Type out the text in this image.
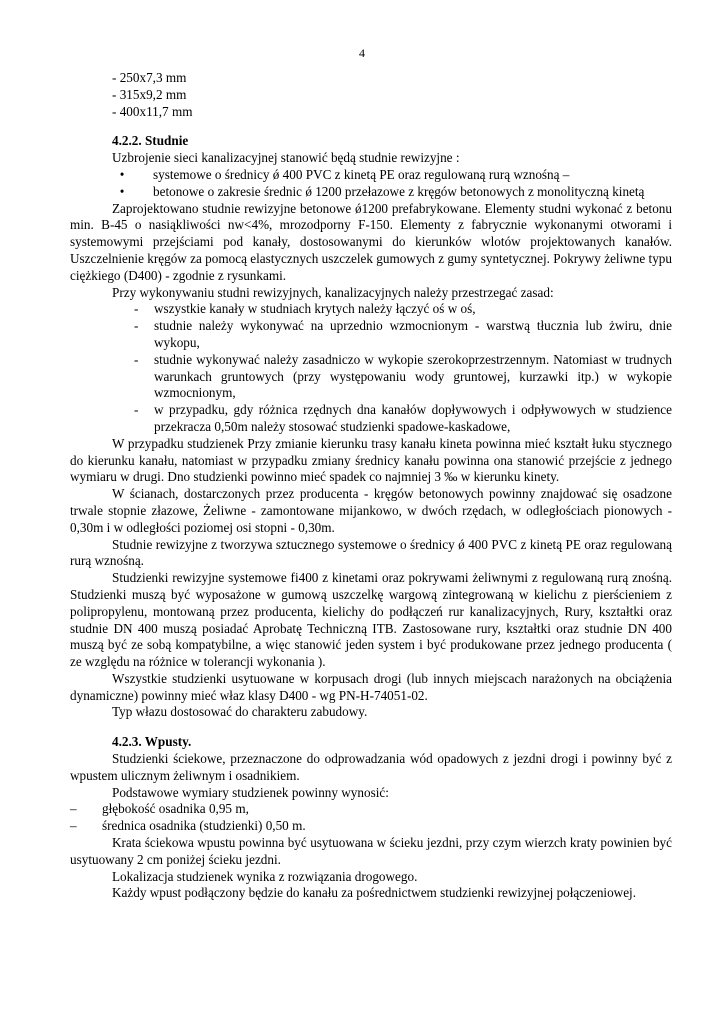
4
- 250x7,3 mm
- 315x9,2 mm
- 400x11,7 mm
4.2.2. Studnie

Uzbrojenie sieci kanalizacyjnej stanowić będą studnie rewizyjne :

•	systemowe o średnicy ǿ 400 PVC z kinetą PE oraz regulowaną rurą wznośną –
•	betonowe o zakresie średnic ǿ 1200 przełazowe z kręgów betonowych z monolityczną kinetą

Zaprojektowano studnie rewizyjne betonowe ǿ1200 prefabrykowane. Elementy studni wykonać z betonu min. B-45 o nasiąkliwości nw<4%, mrozodporny F-150. Elementy z fabrycznie wykonanymi otworami i systemowymi przejściami pod kanały, dostosowanymi do kierunków wlotów projektowanych kanałów. Uszczelnienie kręgów za pomocą elastycznych uszczelek gumowych z gumy syntetycznej. Pokrywy żeliwne typu ciężkiego (D400) - zgodnie z rysunkami.

Przy wykonywaniu studni rewizyjnych, kanalizacyjnych należy przestrzegać zasad:

- wszystkie kanały w studniach krytych należy łączyć oś w oś,
- studnie należy wykonywać na uprzednio wzmocnionym - warstwą tłucznia lub żwiru, dnie wykopu,
- studnie wykonywać należy zasadniczo w wykopie szerokoprzestrzennym. Natomiast w trudnych warunkach gruntowych (przy występowaniu wody gruntowej, kurzawki itp.) w wykopie wzmocnionym,
- w przypadku, gdy różnica rzędnych dna kanałów dopływowych i odpływowych w studzience przekracza 0,50m należy stosować studzienki spadowe-kaskadowe,

W przypadku studzienek Przy zmianie kierunku trasy kanału kineta powinna mieć kształt łuku stycznego do kierunku kanału, natomiast w przypadku zmiany średnicy kanału powinna ona stanowić przejście z jednego wymiaru w drugi. Dno studzienki powinno mieć spadek co najmniej 3 ‰ w kierunku kinety.

W ścianach, dostarczonych przez producenta - kręgów betonowych powinny znajdować się osadzone trwale stopnie złazowe, Żeliwne - zamontowane mijankowo, w dwóch rzędach, w odległościach pionowych - 0,30m i w odległości poziomej osi stopni - 0,30m.

Studnie rewizyjne z tworzywa sztucznego systemowe o średnicy ǿ 400 PVC z kinetą PE oraz regulowaną rurą wznośną.

Studzienki rewizyjne systemowe fi400 z kinetami oraz pokrywami żeliwnymi z regulowaną rurą znośną. Studzienki muszą być wyposażone w gumową uszczelkę wargową zintegrowaną w kielichu z pierścieniem z polipropylenu, montowaną przez producenta, kielichy do podłączeń rur kanalizacyjnych, Rury, kształtki oraz studnie DN 400 muszą posiadać Aprobatę Techniczną ITB. Zastosowane rury, kształtki oraz studnie DN 400 muszą być ze sobą kompatybilne, a więc stanowić jeden system i być produkowane przez jednego producenta ( ze względu na różnice w tolerancji wykonania ).

Wszystkie studzienki usytuowane w korpusach drogi (lub innych miejscach narażonych na obciążenia dynamiczne) powinny mieć właz klasy D400 - wg PN-H-74051-02.

Typ włazu dostosować do charakteru zabudowy.

4.2.3. Wpusty.

Studzienki ściekowe, przeznaczone do odprowadzania wód opadowych z jezdni drogi i powinny być z wpustem ulicznym żeliwnym i osadnikiem.

Podstawowe wymiary studzienek powinny wynosić:

– głębokość osadnika 0,95 m,
– średnica osadnika (studzienki) 0,50 m.

Krata ściekowa wpustu powinna być usytuowana w ścieku jezdni, przy czym wierzch kraty powinien być usytuowany 2 cm poniżej ścieku jezdni.

Lokalizacja studzienek wynika z rozwiązania drogowego.

Każdy wpust podłączony będzie do kanału za pośrednictwem studzienki rewizyjnej połączeniowej.
